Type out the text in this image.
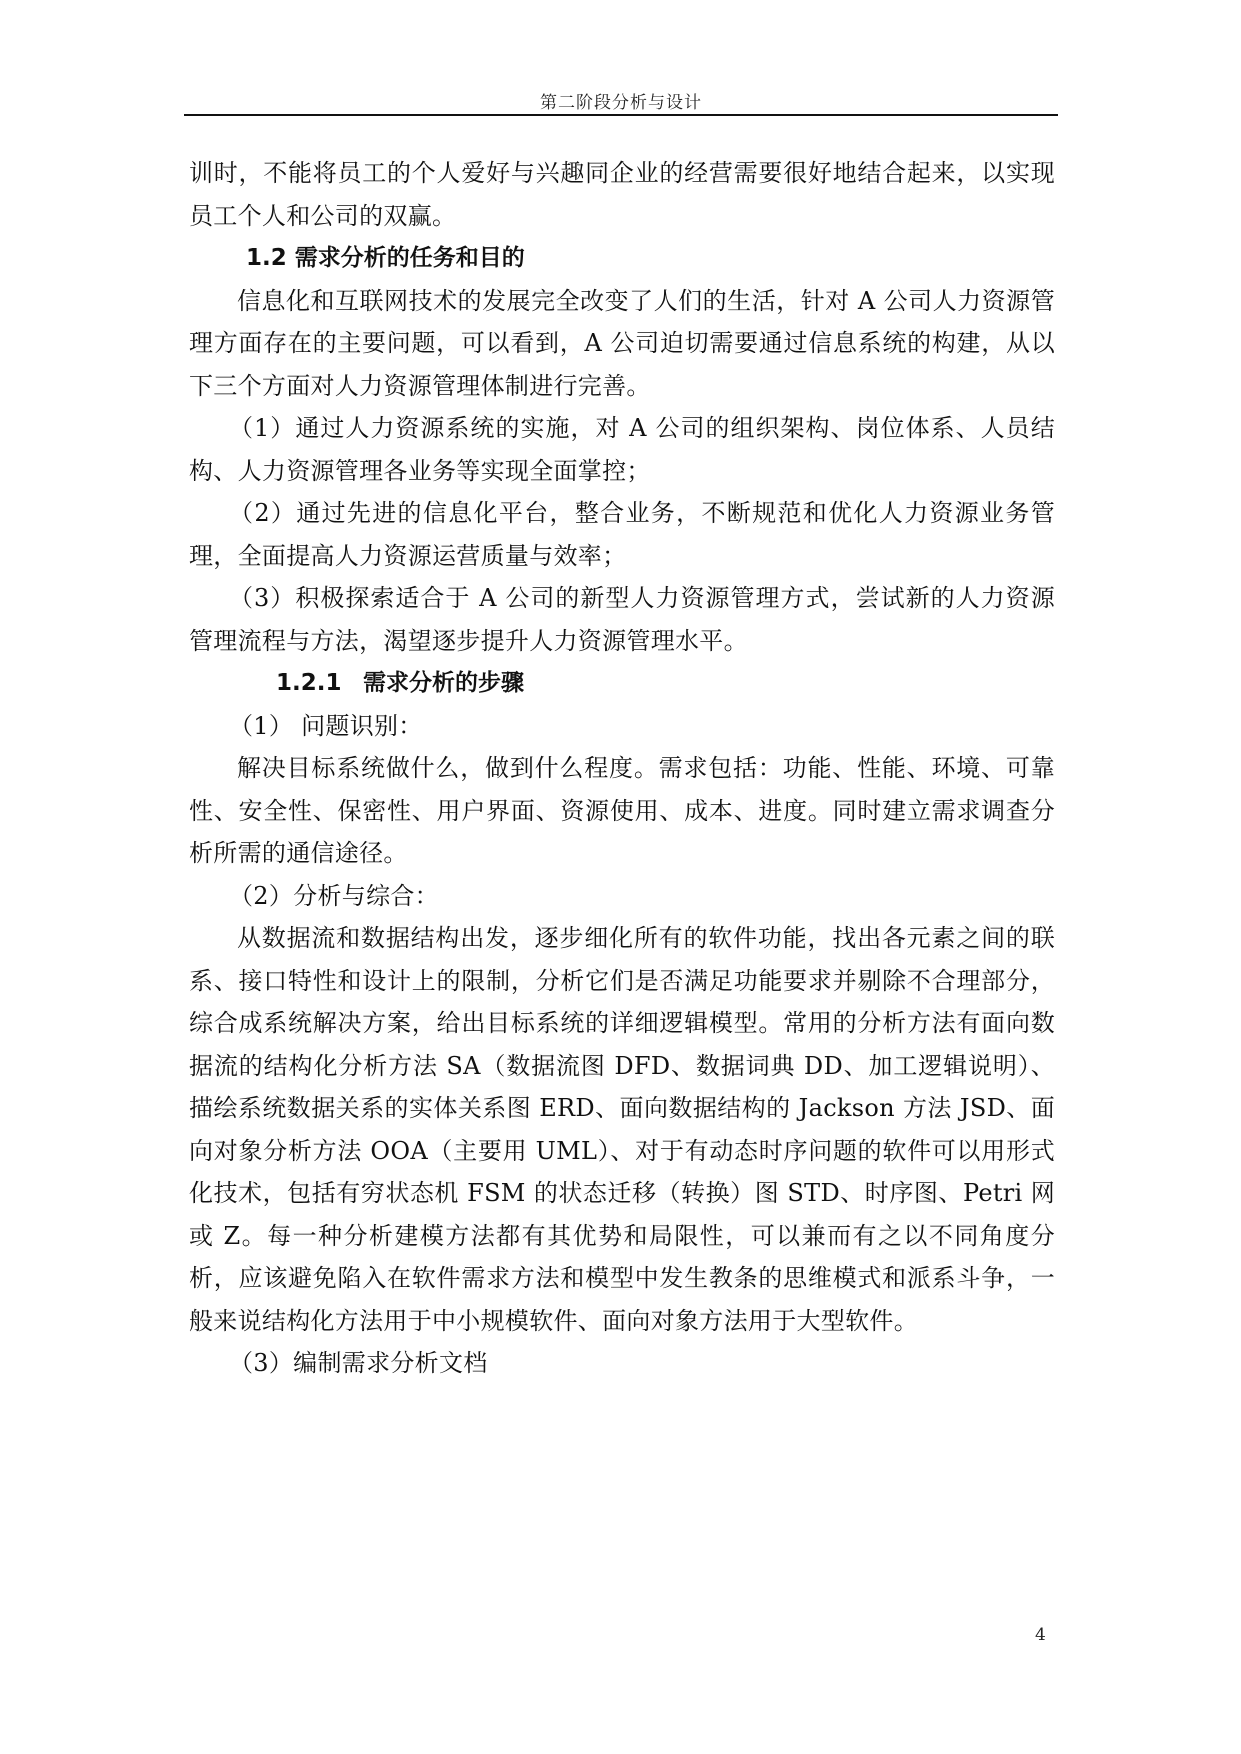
第二阶段分析与设计

训时，不能将员工的个人爱好与兴趣同企业的经营需要很好地结合起来，以实现员工个人和公司的双赢。

1.2 需求分析的任务和目的

信息化和互联网技术的发展完全改变了人们的生活，针对 A 公司人力资源管理方面存在的主要问题，可以看到，A 公司迫切需要通过信息系统的构建，从以下三个方面对人力资源管理体制进行完善。

（1）通过人力资源系统的实施，对 A 公司的组织架构、岗位体系、人员结构、人力资源管理各业务等实现全面掌控；

（2）通过先进的信息化平台，整合业务，不断规范和优化人力资源业务管理，全面提高人力资源运营质量与效率；

（3）积极探索适合于 A 公司的新型人力资源管理方式，尝试新的人力资源管理流程与方法，渴望逐步提升人力资源管理水平。

1.2.1 需求分析的步骤

（1） 问题识别：

解决目标系统做什么，做到什么程度。需求包括：功能、性能、环境、可靠性、安全性、保密性、用户界面、资源使用、成本、进度。同时建立需求调查分析所需的通信途径。

（2）分析与综合：

从数据流和数据结构出发，逐步细化所有的软件功能，找出各元素之间的联系、接口特性和设计上的限制，分析它们是否满足功能要求并剔除不合理部分，综合成系统解决方案，给出目标系统的详细逻辑模型。常用的分析方法有面向数据流的结构化分析方法 SA（数据流图 DFD、数据词典 DD、加工逻辑说明）、描绘系统数据关系的实体关系图 ERD、面向数据结构的 Jackson 方法 JSD、面向对象分析方法 OOA（主要用 UML）、对于有动态时序问题的软件可以用形式化技术，包括有穷状态机 FSM 的状态迁移（转换）图 STD、时序图、Petri 网或 Z。每一种分析建模方法都有其优势和局限性，可以兼而有之以不同角度分析，应该避免陷入在软件需求方法和模型中发生教条的思维模式和派系斗争，一般来说结构化方法用于中小规模软件、面向对象方法用于大型软件。

（3）编制需求分析文档

4
